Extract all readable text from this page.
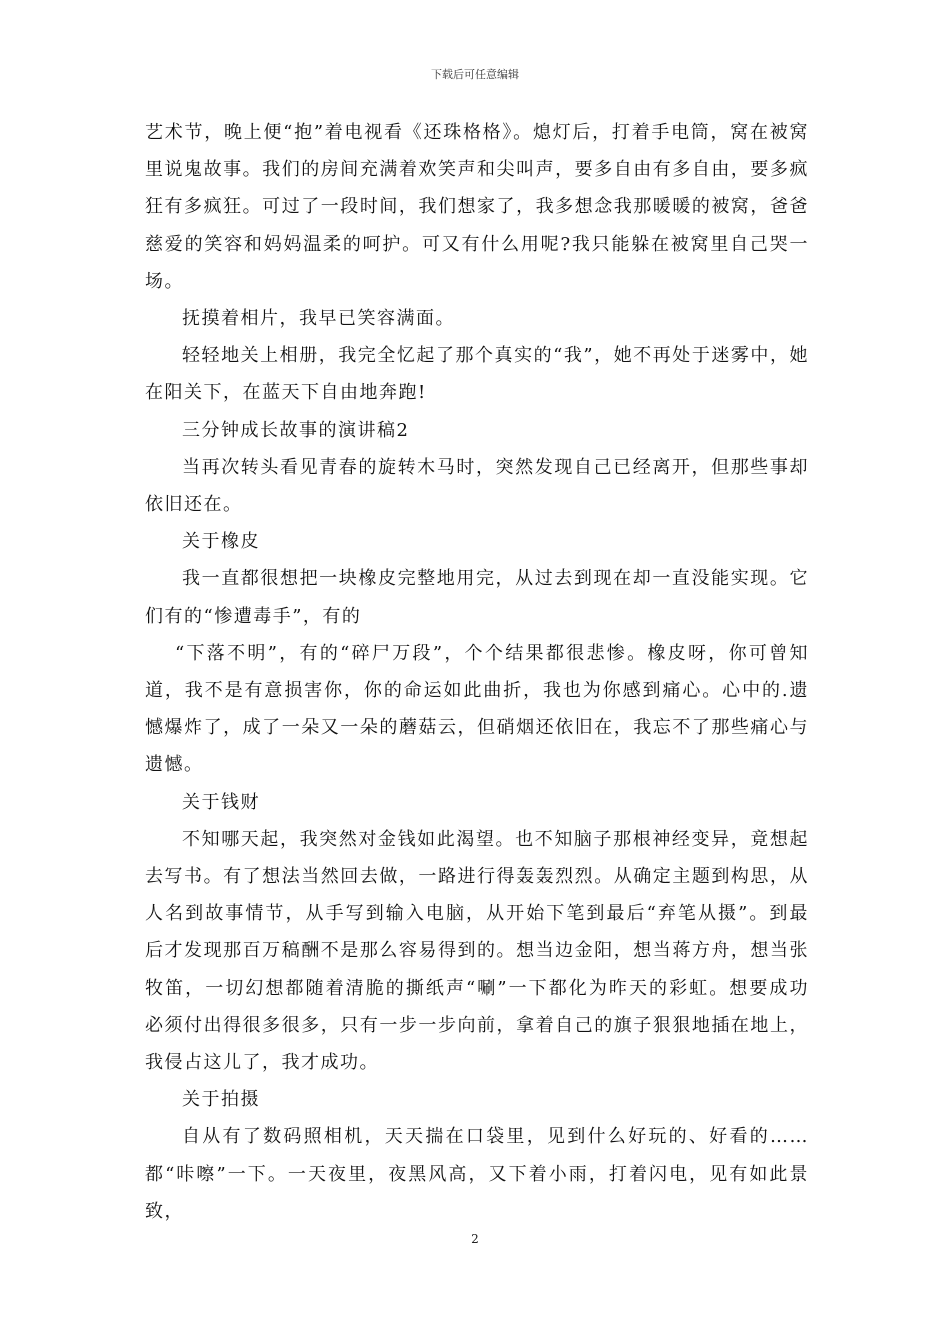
下载后可任意编辑

艺术节，晚上便“抱”着电视看《还珠格格》。熄灯后，打着手电筒，窝在被窝里说鬼故事。我们的房间充满着欢笑声和尖叫声，要多自由有多自由，要多疯狂有多疯狂。可过了一段时间，我们想家了，我多想念我那暖暖的被窝，爸爸慈爱的笑容和妈妈温柔的呵护。可又有什么用呢?我只能躲在被窝里自己哭一场。

抚摸着相片，我早已笑容满面。

轻轻地关上相册，我完全忆起了那个真实的“我”，她不再处于迷雾中，她在阳关下，在蓝天下自由地奔跑!

三分钟成长故事的演讲稿2

当再次转头看见青春的旋转木马时，突然发现自己已经离开，但那些事却依旧还在。

关于橡皮

我一直都很想把一块橡皮完整地用完，从过去到现在却一直没能实现。它们有的“惨遭毒手”，有的

“下落不明”，有的“碎尸万段”，个个结果都很悲惨。橡皮呀，你可曾知道，我不是有意损害你，你的命运如此曲折，我也为你感到痛心。心中的.遗憾爆炸了，成了一朵又一朵的蘑菇云，但硝烟还依旧在，我忘不了那些痛心与遗憾。

关于钱财

不知哪天起，我突然对金钱如此渴望。也不知脑子那根神经变异，竟想起去写书。有了想法当然回去做，一路进行得轰轰烈烈。从确定主题到构思，从人名到故事情节，从手写到输入电脑，从开始下笔到最后“弃笔从摄”。到最后才发现那百万稿酬不是那么容易得到的。想当边金阳，想当蒋方舟，想当张牧笛，一切幻想都随着清脆的撕纸声“唰”一下都化为昨天的彩虹。想要成功必须付出得很多很多，只有一步一步向前，拿着自己的旗子狠狠地插在地上，我侵占这儿了，我才成功。

关于拍摄

自从有了数码照相机，天天揣在口袋里，见到什么好玩的、好看的……都“咔嚓”一下。一天夜里，夜黑风高，又下着小雨，打着闪电，见有如此景致，

2
